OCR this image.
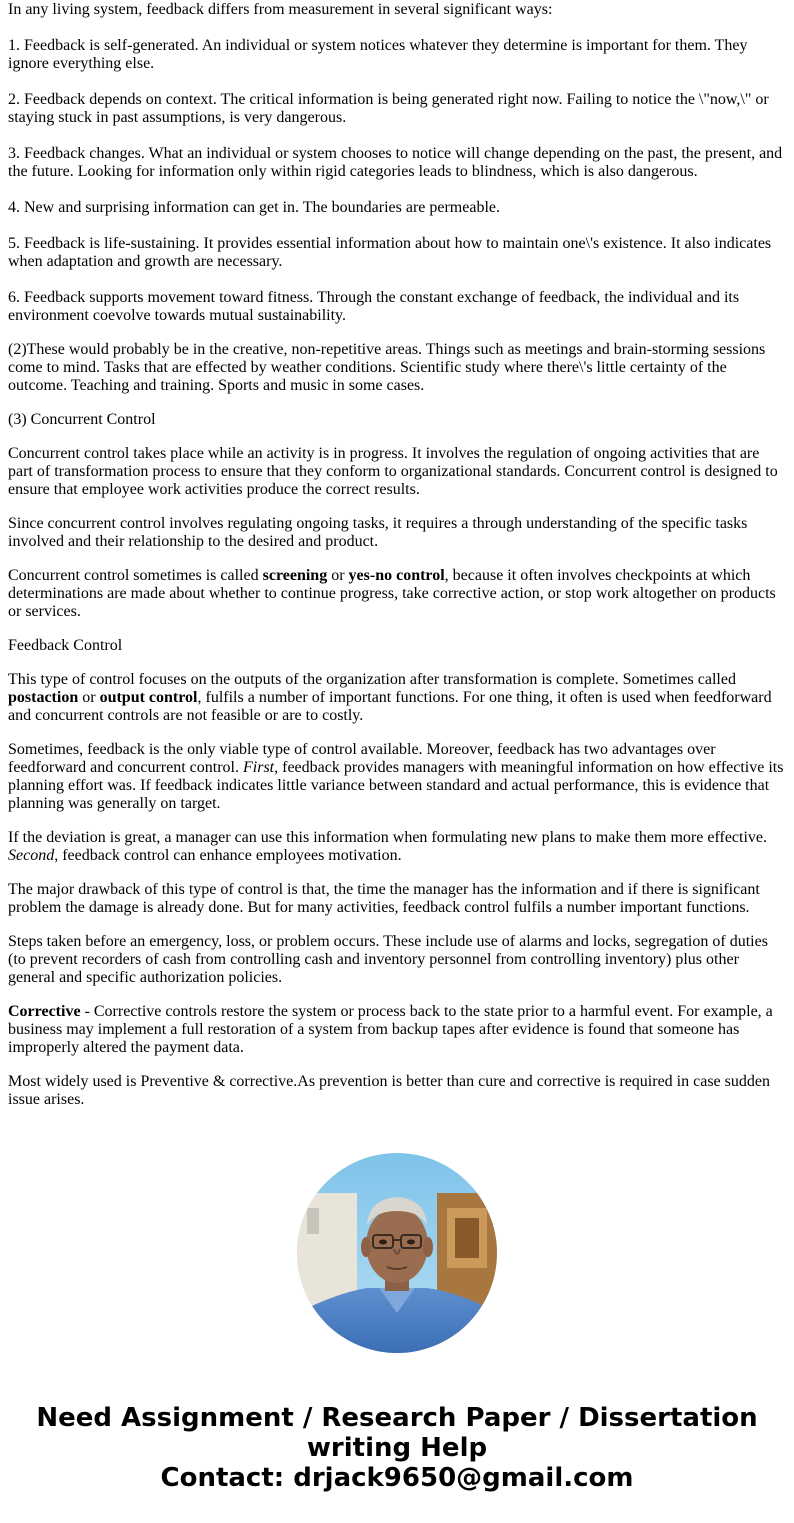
In any living system, feedback differs from measurement in several significant ways:
1. Feedback is self-generated. An individual or system notices whatever they determine is important for them. They ignore everything else.
2. Feedback depends on context. The critical information is being generated right now. Failing to notice the \"now,\" or staying stuck in past assumptions, is very dangerous.
3. Feedback changes. What an individual or system chooses to notice will change depending on the past, the present, and the future. Looking for information only within rigid categories leads to blindness, which is also dangerous.
4. New and surprising information can get in. The boundaries are permeable.
5. Feedback is life-sustaining. It provides essential information about how to maintain one\'s existence. It also indicates when adaptation and growth are necessary.
6. Feedback supports movement toward fitness. Through the constant exchange of feedback, the individual and its environment coevolve towards mutual sustainability.

(2)These would probably be in the creative, non-repetitive areas. Things such as meetings and brain-storming sessions come to mind. Tasks that are effected by weather conditions. Scientific study where there\'s little certainty of the outcome. Teaching and training. Sports and music in some cases.

(3) Concurrent Control

Concurrent control takes place while an activity is in progress. It involves the regulation of ongoing activities that are part of transformation process to ensure that they conform to organizational standards. Concurrent control is designed to ensure that employee work activities produce the correct results.

Since concurrent control involves regulating ongoing tasks, it requires a through understanding of the specific tasks involved and their relationship to the desired and product.

Concurrent control sometimes is called screening or yes-no control, because it often involves checkpoints at which determinations are made about whether to continue progress, take corrective action, or stop work altogether on products or services.

Feedback Control

This type of control focuses on the outputs of the organization after transformation is complete. Sometimes called postaction or output control, fulfils a number of important functions. For one thing, it often is used when feedforward and concurrent controls are not feasible or are to costly.

Sometimes, feedback is the only viable type of control available. Moreover, feedback has two advantages over feedforward and concurrent control. First, feedback provides managers with meaningful information on how effective its planning effort was. If feedback indicates little variance between standard and actual performance, this is evidence that planning was generally on target.

If the deviation is great, a manager can use this information when formulating new plans to make them more effective. Second, feedback control can enhance employees motivation.

The major drawback of this type of control is that, the time the manager has the information and if there is significant problem the damage is already done. But for many activities, feedback control fulfils a number important functions.

Steps taken before an emergency, loss, or problem occurs. These include use of alarms and locks, segregation of duties (to prevent recorders of cash from controlling cash and inventory personnel from controlling inventory) plus other general and specific authorization policies.

Corrective - Corrective controls restore the system or process back to the state prior to a harmful event. For example, a business may implement a full restoration of a system from backup tapes after evidence is found that someone has improperly altered the payment data.

Most widely used is Preventive & corrective.As prevention is better than cure and corrective is required in case sudden issue arises.

Need Assignment / Research Paper / Dissertation
writing Help
Contact: drjack9650@gmail.com
